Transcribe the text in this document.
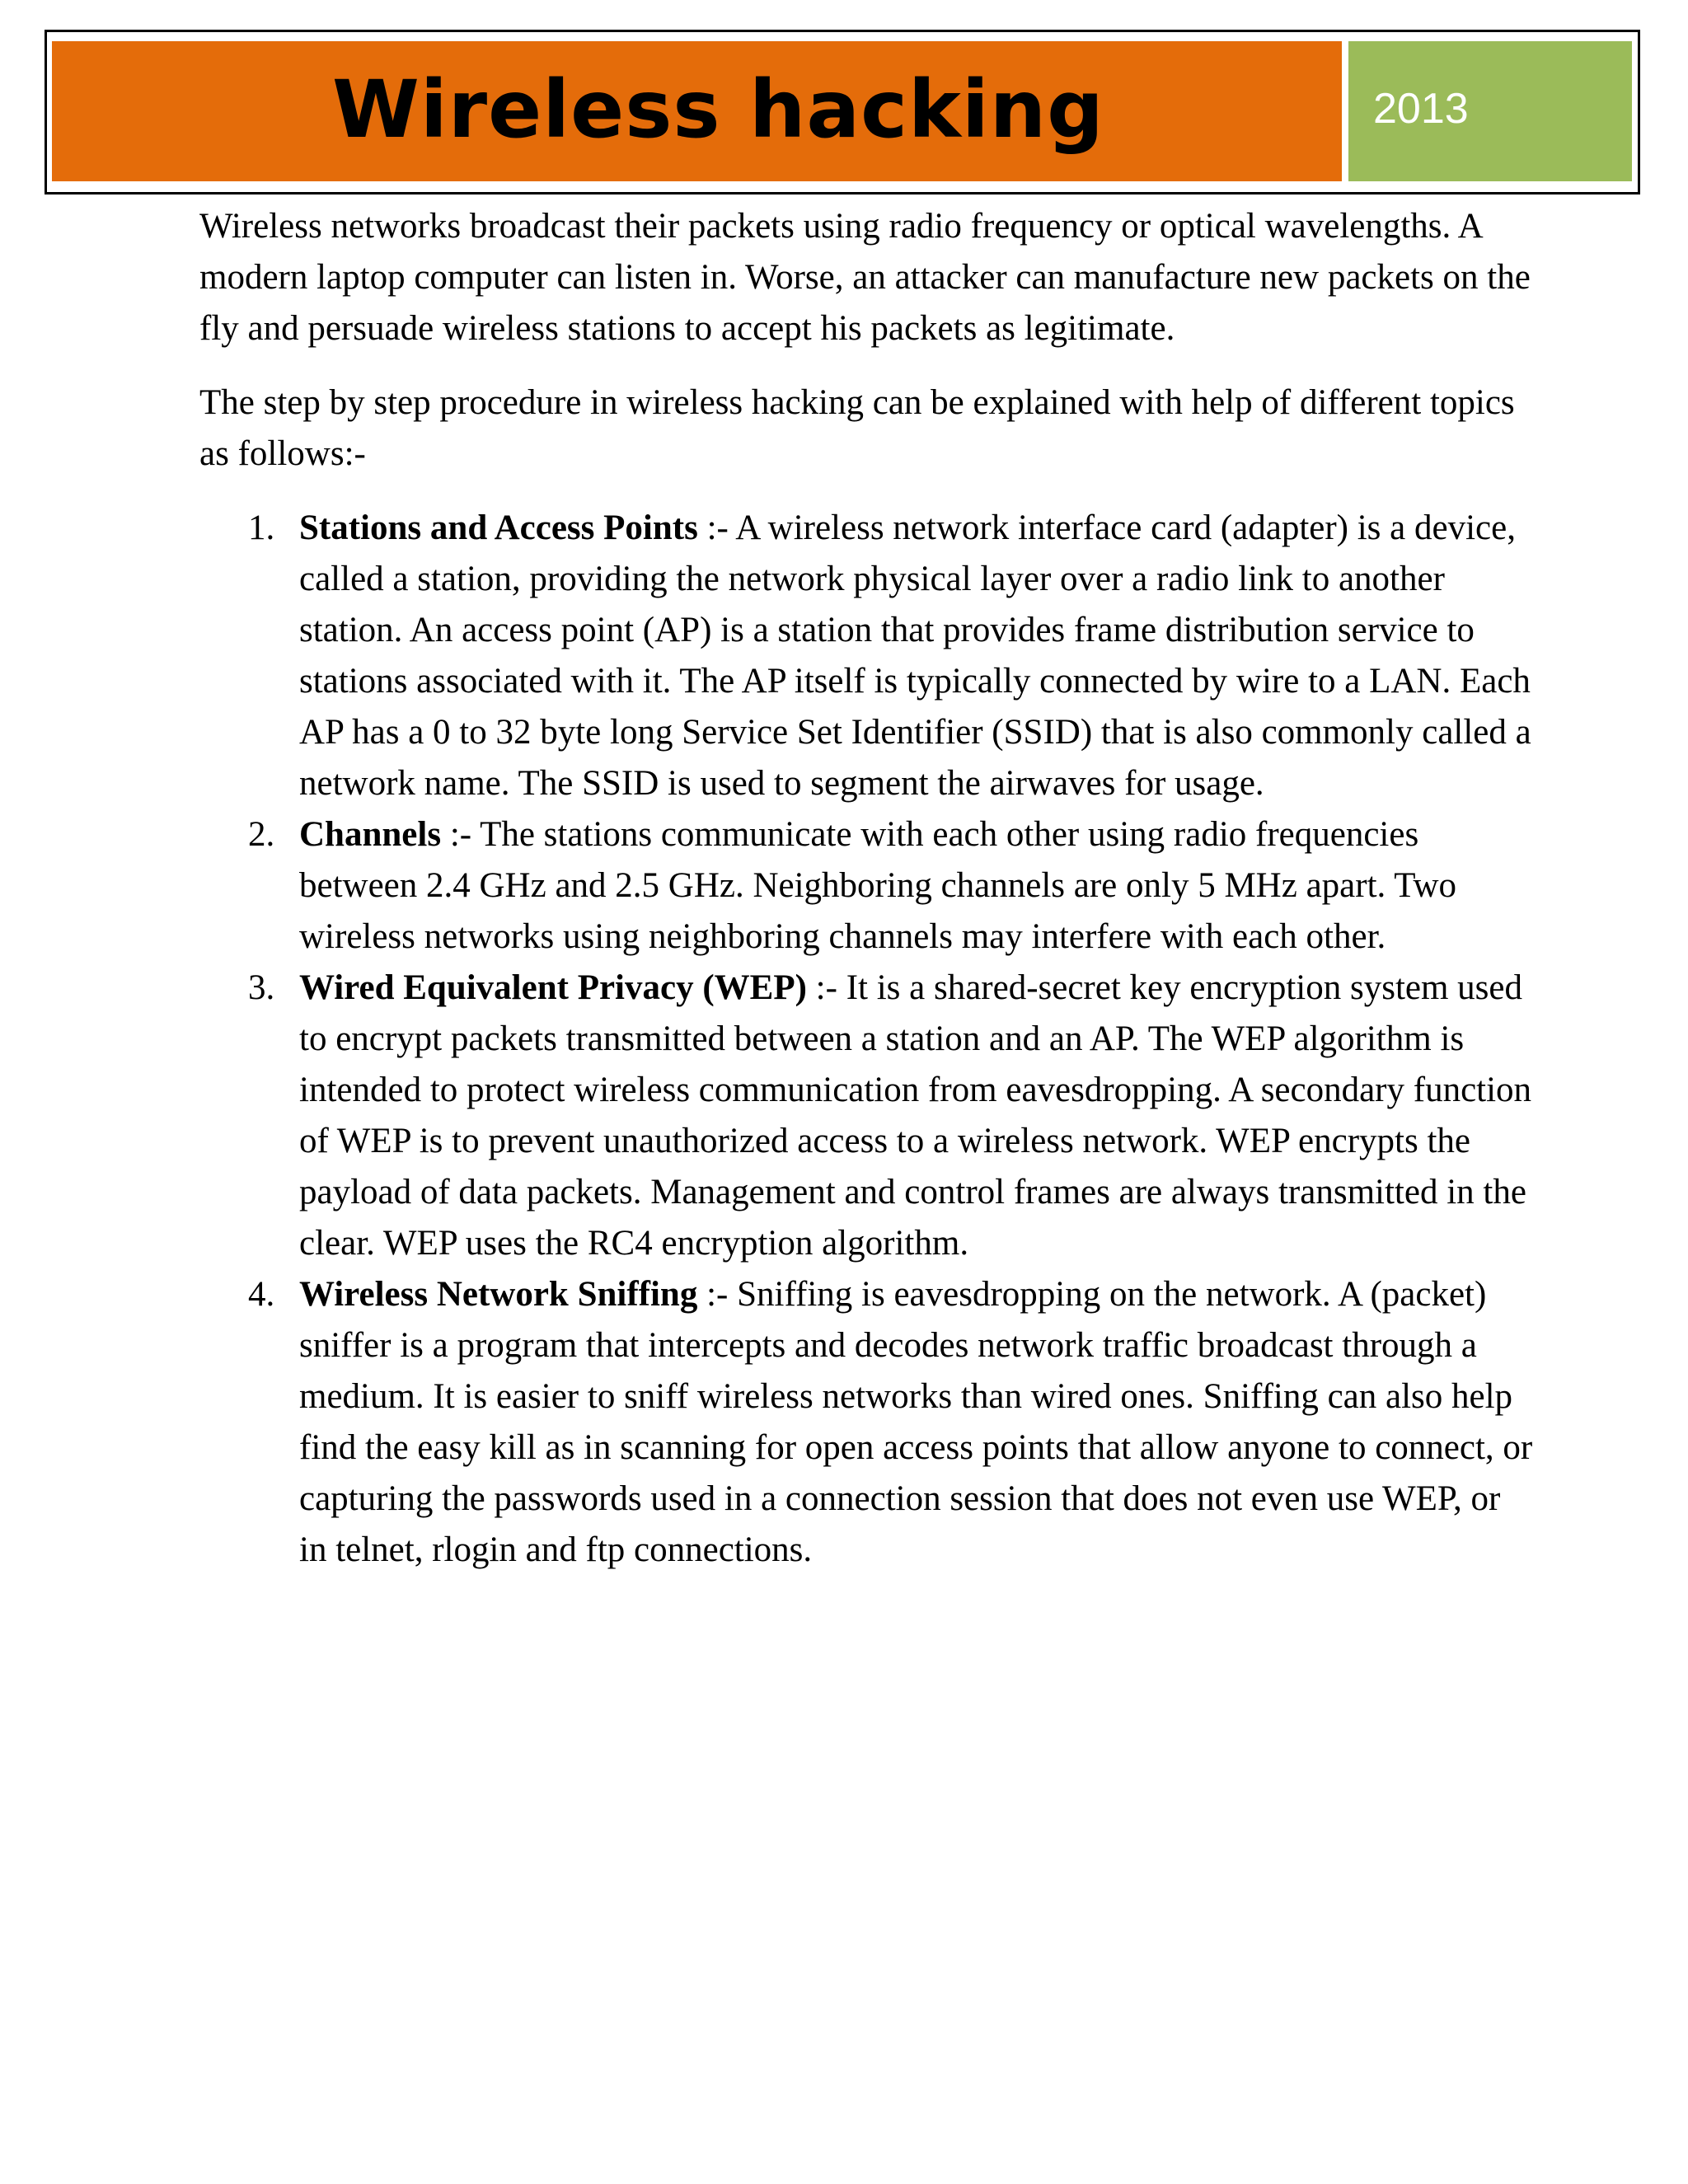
Wireless hacking	2013

Wireless networks broadcast their packets using radio frequency or optical wavelengths. A modern laptop computer can listen in. Worse, an attacker can manufacture new packets on the fly and persuade wireless stations to accept his packets as legitimate.

The step by step procedure in wireless hacking can be explained with help of different topics as follows:-

1. Stations and Access Points :- A wireless network interface card (adapter) is a device, called a station, providing the network physical layer over a radio link to another station. An access point (AP) is a station that provides frame distribution service to stations associated with it. The AP itself is typically connected by wire to a LAN. Each AP has a 0 to 32 byte long Service Set Identifier (SSID) that is also commonly called a network name. The SSID is used to segment the airwaves for usage.
2. Channels :- The stations communicate with each other using radio frequencies between 2.4 GHz and 2.5 GHz. Neighboring channels are only 5 MHz apart. Two wireless networks using neighboring channels may interfere with each other.
3. Wired Equivalent Privacy (WEP) :- It is a shared-secret key encryption system used to encrypt packets transmitted between a station and an AP. The WEP algorithm is intended to protect wireless communication from eavesdropping. A secondary function of WEP is to prevent unauthorized access to a wireless network. WEP encrypts the payload of data packets. Management and control frames are always transmitted in the clear. WEP uses the RC4 encryption algorithm.
4. Wireless Network Sniffing :- Sniffing is eavesdropping on the network. A (packet) sniffer is a program that intercepts and decodes network traffic broadcast through a medium. It is easier to sniff wireless networks than wired ones. Sniffing can also help find the easy kill as in scanning for open access points that allow anyone to connect, or capturing the passwords used in a connection session that does not even use WEP, or in telnet, rlogin and ftp connections.
